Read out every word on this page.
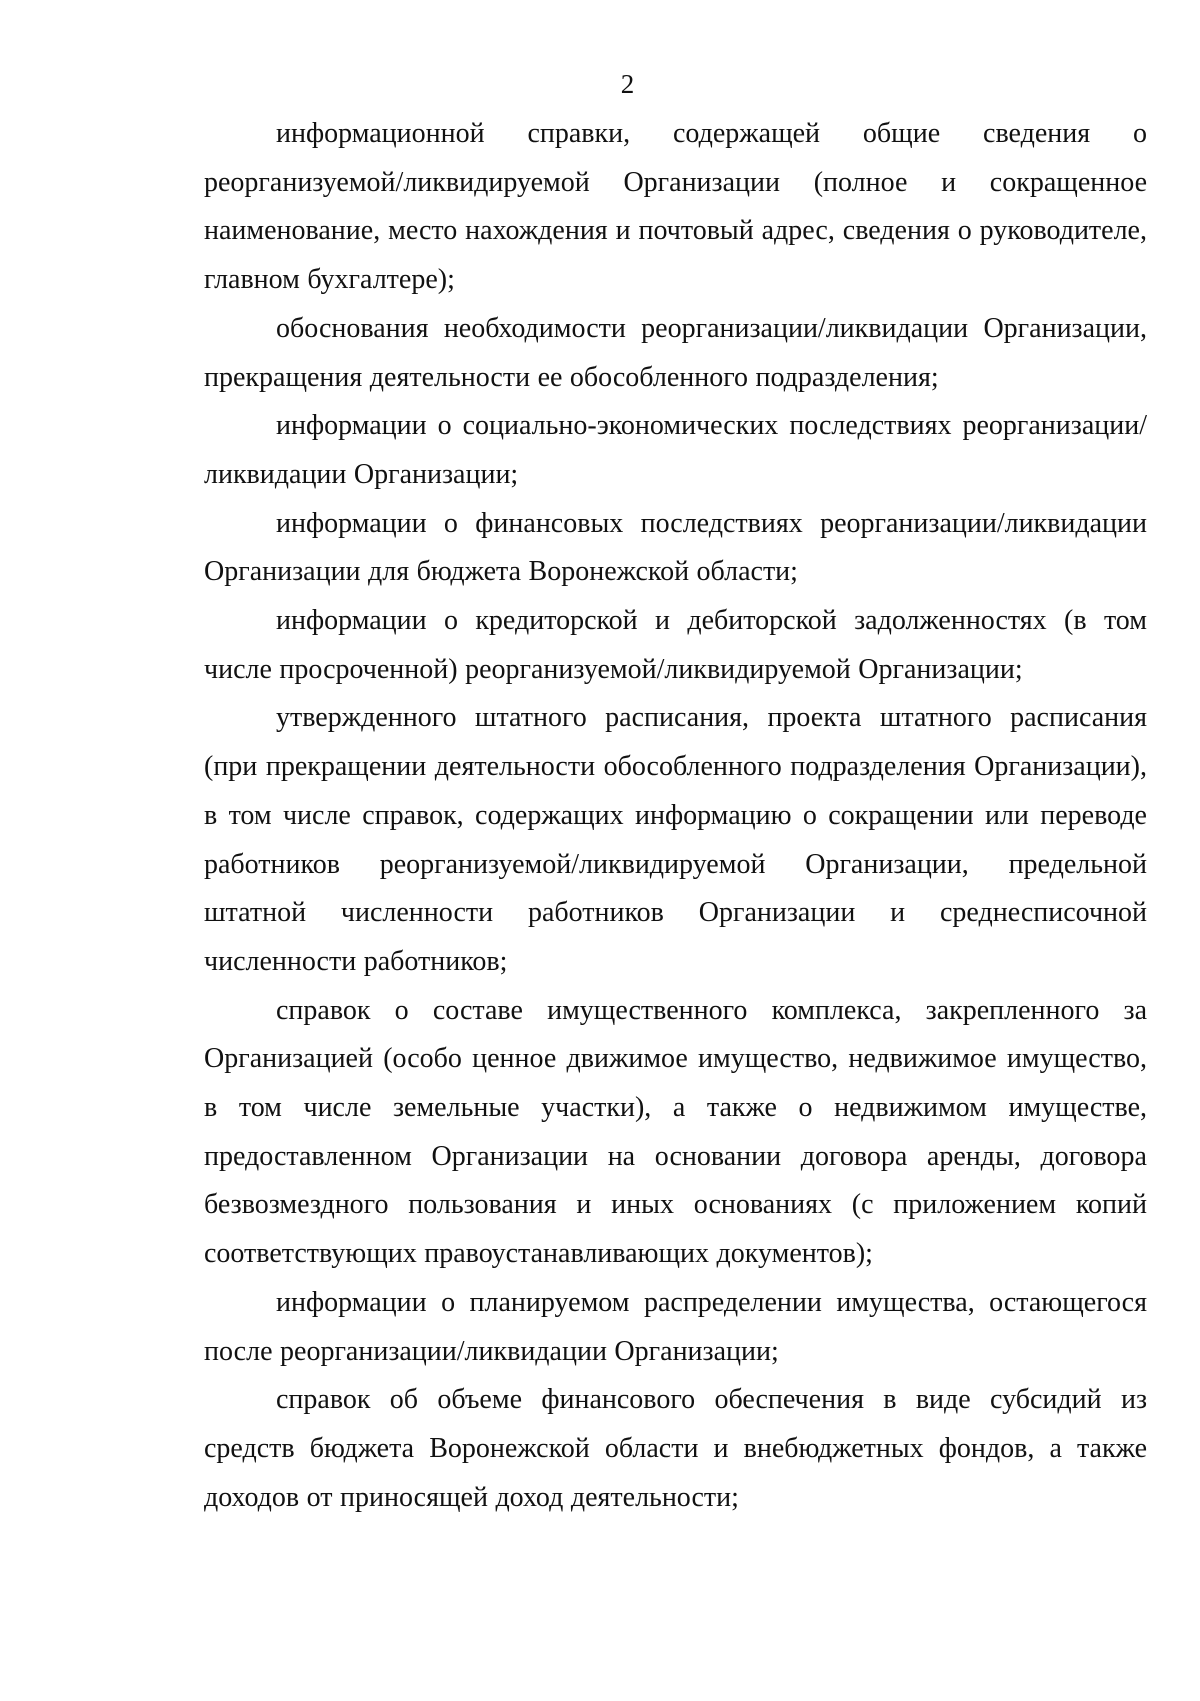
2

информационной справки, содержащей общие сведения о реорганизуемой/ликвидируемой Организации (полное и сокращенное наименование, место нахождения и почтовый адрес, сведения о руководителе, главном бухгалтере);

обоснования необходимости реорганизации/ликвидации Организации, прекращения деятельности ее обособленного подразделения;

информации о социально-экономических последствиях реорганизации/ликвидации Организации;

информации о финансовых последствиях реорганизации/ликвидации Организации для бюджета Воронежской области;

информации о кредиторской и дебиторской задолженностях (в том числе просроченной) реорганизуемой/ликвидируемой Организации;

утвержденного штатного расписания, проекта штатного расписания (при прекращении деятельности обособленного подразделения Организации), в том числе справок, содержащих информацию о сокращении или переводе работников реорганизуемой/ликвидируемой Организации, предельной штатной численности работников Организации и среднесписочной численности работников;

справок о составе имущественного комплекса, закрепленного за Организацией (особо ценное движимое имущество, недвижимое имущество, в том числе земельные участки), а также о недвижимом имуществе, предоставленном Организации на основании договора аренды, договора безвозмездного пользования и иных основаниях (с приложением копий соответствующих правоустанавливающих документов);

информации о планируемом распределении имущества, остающегося после реорганизации/ликвидации Организации;

справок об объеме финансового обеспечения в виде субсидий из средств бюджета Воронежской области и внебюджетных фондов, а также доходов от приносящей доход деятельности;
